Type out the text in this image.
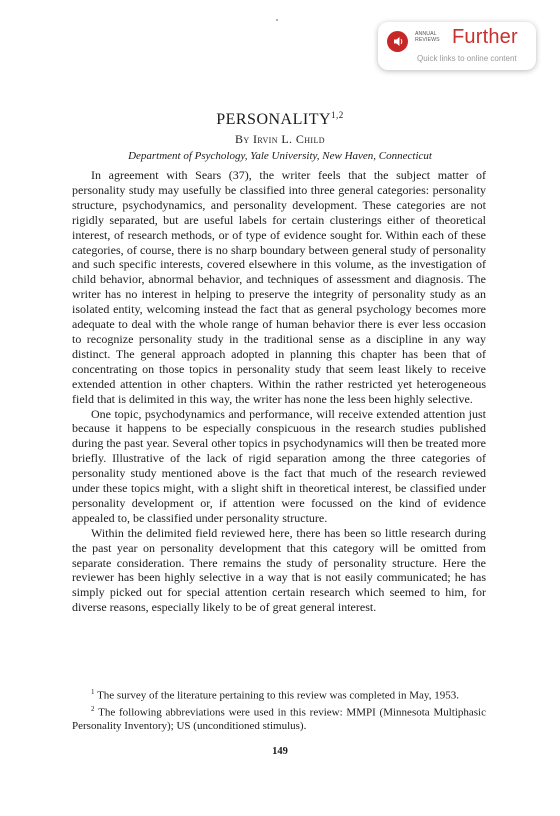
ANNUAL REVIEWS Further
Quick links to online content
PERSONALITY$^{1,2}$
By Irvin L. Child
Department of Psychology, Yale University, New Haven, Connecticut

In agreement with Sears (37), the writer feels that the subject matter of personality study may usefully be classified into three general categories: personality structure, psychodynamics, and personality development. These categories are not rigidly separated, but are useful labels for certain clusterings either of theoretical interest, of research methods, or of type of evidence sought for. Within each of these categories, of course, there is no sharp boundary between general study of personality and such specific interests, covered elsewhere in this volume, as the investigation of child behavior, abnormal behavior, and techniques of assessment and diagnosis. The writer has no interest in helping to preserve the integrity of personality study as an isolated entity, welcoming instead the fact that as general psychology becomes more adequate to deal with the whole range of human behavior there is ever less occasion to recognize personality study in the traditional sense as a discipline in any way distinct. The general approach adopted in planning this chapter has been that of concentrating on those topics in personality study that seem least likely to receive extended attention in other chapters. Within the rather restricted yet heterogeneous field that is delimited in this way, the writer has none the less been highly selective.

One topic, psychodynamics and performance, will receive extended attention just because it happens to be especially conspicuous in the research studies published during the past year. Several other topics in psychodynamics will then be treated more briefly. Illustrative of the lack of rigid separation among the three categories of personality study mentioned above is the fact that much of the research reviewed under these topics might, with a slight shift in theoretical interest, be classified under personality development or, if attention were focussed on the kind of evidence appealed to, be classified under personality structure.

Within the delimited field reviewed here, there has been so little research during the past year on personality development that this category will be omitted from separate consideration. There remains the study of personality structure. Here the reviewer has been highly selective in a way that is not easily communicated; he has simply picked out for special attention certain research which seemed to him, for diverse reasons, especially likely to be of great general interest.

$^1$ The survey of the literature pertaining to this review was completed in May, 1953.

$^2$ The following abbreviations were used in this review: MMPI (Minnesota Multiphasic Personality Inventory); US (unconditioned stimulus).

149
